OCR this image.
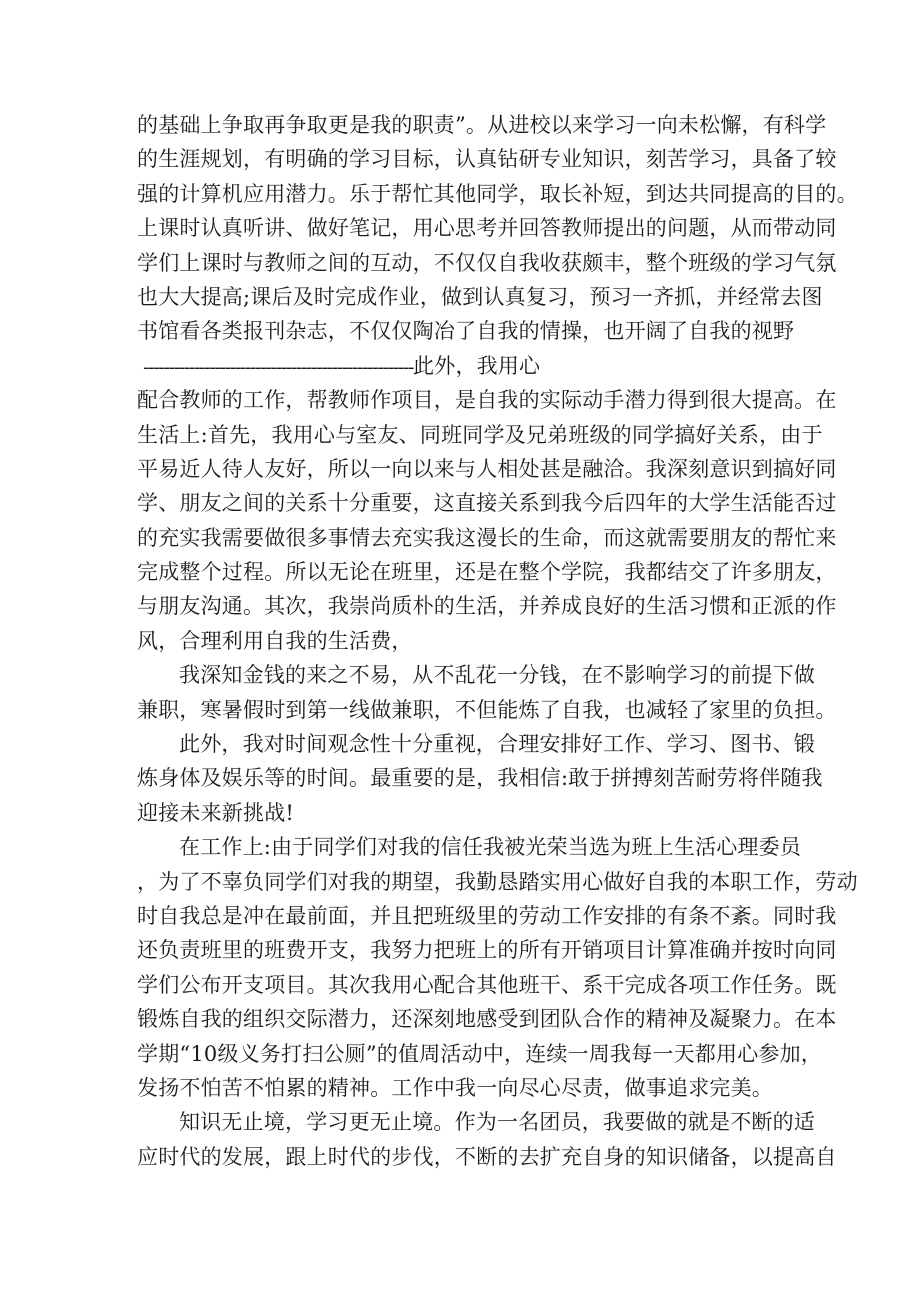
的基础上争取再争取更是我的职责”。从进校以来学习一向未松懈，有科学
的生涯规划，有明确的学习目标，认真钻研专业知识，刻苦学习，具备了较
强的计算机应用潜力。乐于帮忙其他同学，取长补短，到达共同提高的目的。
上课时认真听讲、做好笔记，用心思考并回答教师提出的问题，从而带动同
学们上课时与教师之间的互动，不仅仅自我收获颇丰，整个班级的学习气氛
也大大提高;课后及时完成作业，做到认真复习，预习一齐抓，并经常去图
书馆看各类报刊杂志，不仅仅陶冶了自我的情操，也开阔了自我的视野
-----------------------------------------------------此外，我用心
配合教师的工作，帮教师作项目，是自我的实际动手潜力得到很大提高。在
生活上:首先，我用心与室友、同班同学及兄弟班级的同学搞好关系，由于
平易近人待人友好，所以一向以来与人相处甚是融洽。我深刻意识到搞好同
学、朋友之间的关系十分重要，这直接关系到我今后四年的大学生活能否过
的充实我需要做很多事情去充实我这漫长的生命，而这就需要朋友的帮忙来
完成整个过程。所以无论在班里，还是在整个学院，我都结交了许多朋友，
与朋友沟通。其次，我崇尚质朴的生活，并养成良好的生活习惯和正派的作
风，合理利用自我的生活费，
我深知金钱的来之不易，从不乱花一分钱，在不影响学习的前提下做
兼职，寒暑假时到第一线做兼职，不但能炼了自我，也减轻了家里的负担。
此外，我对时间观念性十分重视，合理安排好工作、学习、图书、锻
炼身体及娱乐等的时间。最重要的是，我相信:敢于拼搏刻苦耐劳将伴随我
迎接未来新挑战!
在工作上:由于同学们对我的信任我被光荣当选为班上生活心理委员
，为了不辜负同学们对我的期望，我勤恳踏实用心做好自我的本职工作，劳动
时自我总是冲在最前面，并且把班级里的劳动工作安排的有条不紊。同时我
还负责班里的班费开支，我努力把班上的所有开销项目计算准确并按时向同
学们公布开支项目。其次我用心配合其他班干、系干完成各项工作任务。既
锻炼自我的组织交际潜力，还深刻地感受到团队合作的精神及凝聚力。在本
学期“10级义务打扫公厕”的值周活动中，连续一周我每一天都用心参加，
发扬不怕苦不怕累的精神。工作中我一向尽心尽责，做事追求完美。
知识无止境，学习更无止境。作为一名团员，我要做的就是不断的适
应时代的发展，跟上时代的步伐，不断的去扩充自身的知识储备，以提高自
